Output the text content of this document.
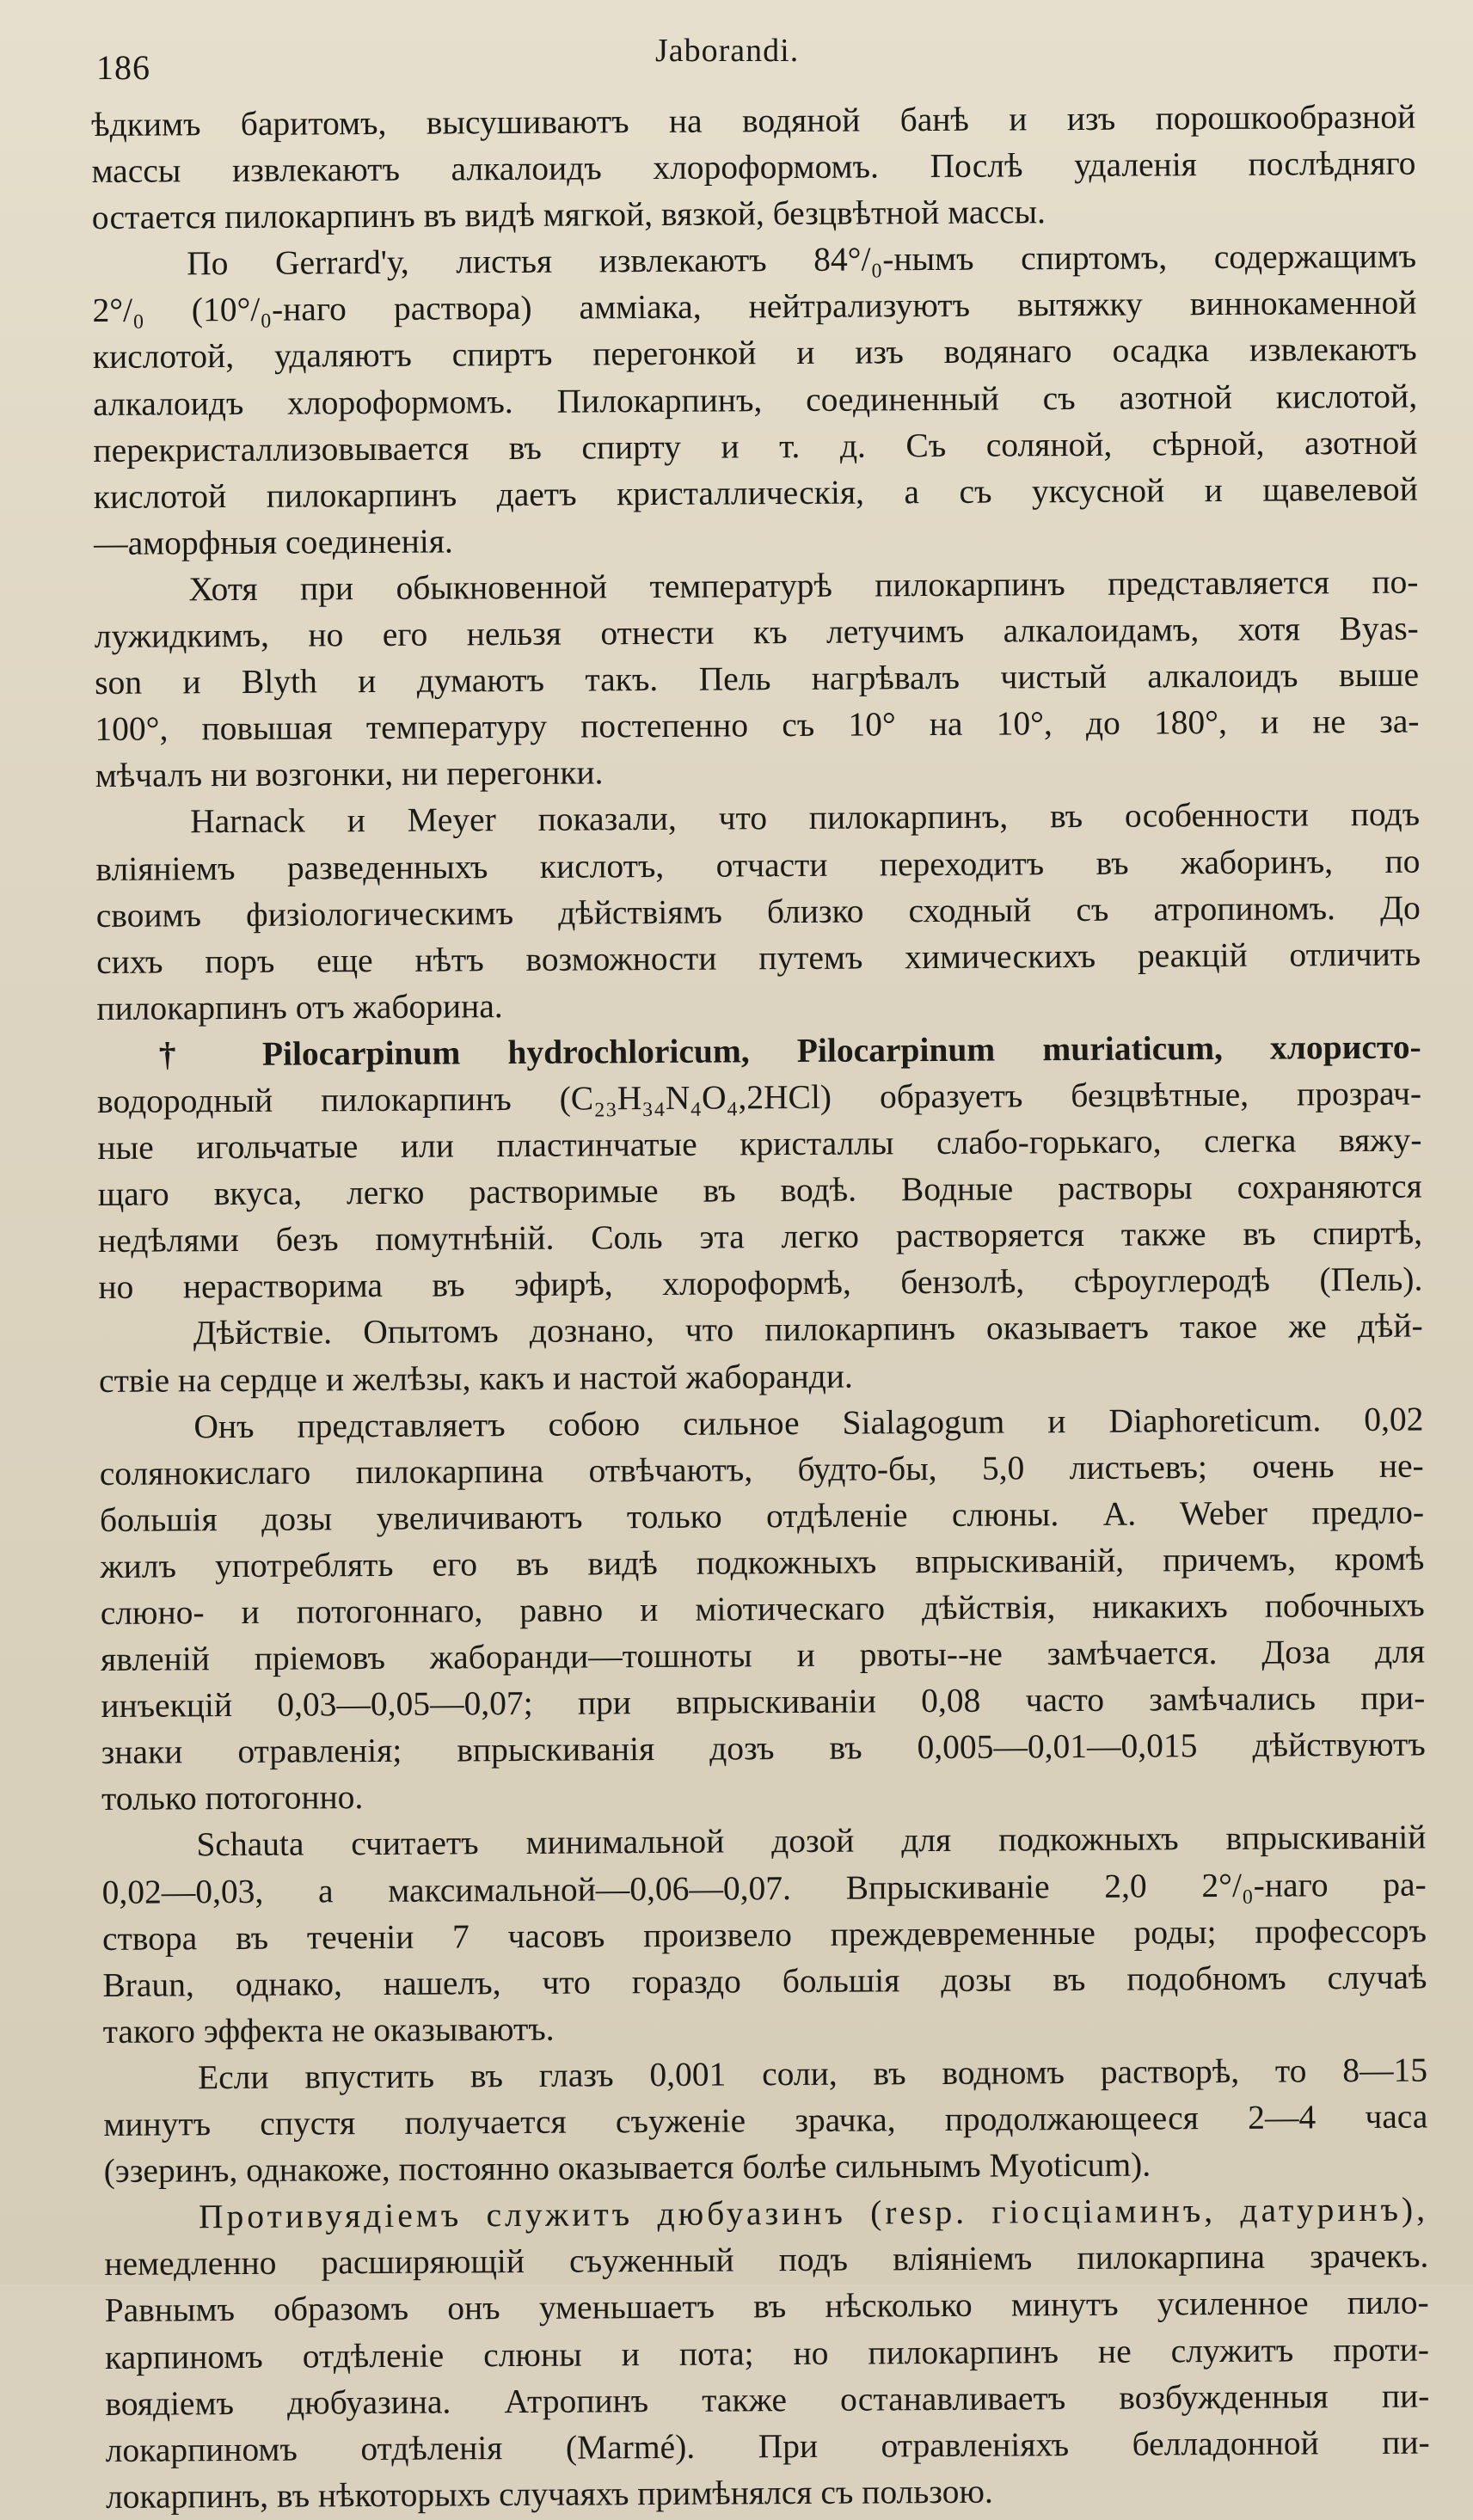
186	Jaborandi.
ѣдкимъ баритомъ, высушиваютъ на водяной банѣ и изъ порошкообразной
массы извлекаютъ алкалоидъ хлороформомъ. Послѣ удаленія послѣдняго
остается пилокарпинъ въ видѣ мягкой, вязкой, безцвѣтной массы.
По Gerrard'у, листья извлекаютъ 84°/₀-нымъ спиртомъ, содержащимъ
2°/₀ (10°/₀-наго раствора) амміака, нейтрализуютъ вытяжку виннокаменной
кислотой, удаляютъ спиртъ перегонкой и изъ водянаго осадка извлекаютъ
алкалоидъ хлороформомъ. Пилокарпинъ, соединенный съ азотной кислотой,
перекристаллизовывается въ спирту и т. д. Съ соляной, сѣрной, азотной
кислотой пилокарпинъ даетъ кристаллическія, а съ уксусной и щавелевой
—аморфныя соединенія.
Хотя при обыкновенной температурѣ пилокарпинъ представляется по-
лужидкимъ, но его нельзя отнести къ летучимъ алкалоидамъ, хотя Byas-
son и Blyth и думаютъ такъ. Пель нагрѣвалъ чистый алкалоидъ выше
100°, повышая температуру постепенно съ 10° на 10°, до 180°, и не за-
мѣчалъ ни возгонки, ни перегонки.
Harnack и Meyer показали, что пилокарпинъ, въ особенности подъ
вліяніемъ разведенныхъ кислотъ, отчасти переходитъ въ жаборинъ, по
своимъ физіологическимъ дѣйствіямъ близко сходный съ атропиномъ. До
сихъ поръ еще нѣтъ возможности путемъ химическихъ реакцій отличить
пилокарпинъ отъ жаборина.
† Pilocarpinum hydrochloricum, Pilocarpinum muriaticum, хлористо-
водородный пилокарпинъ (C₂₃H₃₄N₄O₄,2HCl) образуетъ безцвѣтные, прозрач-
ные игольчатые или пластинчатые кристаллы слабо-горькаго, слегка вяжу-
щаго вкуса, легко растворимые въ водѣ. Водные растворы сохраняются
недѣлями безъ помутнѣній. Соль эта легко растворяется также въ спиртѣ,
но нерастворима въ эфирѣ, хлороформѣ, бензолѣ, сѣроуглеродѣ (Пель).
Дѣйствіе. Опытомъ дознано, что пилокарпинъ оказываетъ такое же дѣй-
ствіе на сердце и желѣзы, какъ и настой жаборанди.
Онъ представляетъ собою сильное Sialagogum и Diaphoreticum. 0,02
солянокислаго пилокарпина отвѣчаютъ, будто-бы, 5,0 листьевъ; очень не-
большія дозы увеличиваютъ только отдѣленіе слюны. A. Weber предло-
жилъ употреблять его въ видѣ подкожныхъ впрыскиваній, причемъ, кромѣ
слюно- и потогоннаго, равно и міотическаго дѣйствія, никакихъ побочныхъ
явленій пріемовъ жаборанди—тошноты и рвоты--не замѣчается. Доза для
инъекцій 0,03—0,05—0,07; при впрыскиваніи 0,08 часто замѣчались при-
знаки отравленія; впрыскиванія дозъ въ 0,005—0,01—0,015 дѣйствуютъ
только потогонно.
Schauta считаетъ минимальной дозой для подкожныхъ впрыскиваній
0,02—0,03, а максимальной—0,06—0,07. Впрыскиваніе 2,0 2°/₀-наго ра-
створа въ теченіи 7 часовъ произвело преждевременные роды; профессоръ
Braun, однако, нашелъ, что гораздо большія дозы въ подобномъ случаѣ
такого эффекта не оказываютъ.
Если впустить въ глазъ 0,001 соли, въ водномъ растворѣ, то 8—15
минутъ спустя получается съуженіе зрачка, продолжающееся 2—4 часа
(эзеринъ, однакоже, постоянно оказывается болѣе сильнымъ Myoticum).
Противуядіемъ служитъ дюбуазинъ (resp. гіосціаминъ, датуринъ),
немедленно расширяющій съуженный подъ вліяніемъ пилокарпина зрачекъ.
Равнымъ образомъ онъ уменьшаетъ въ нѣсколько минутъ усиленное пило-
карпиномъ отдѣленіе слюны и пота; но пилокарпинъ не служитъ проти-
воядіемъ дюбуазина. Атропинъ также останавливаетъ возбужденныя пи-
локарпиномъ отдѣленія (Marmé). При отравленіяхъ белладонной пи-
локарпинъ, въ нѣкоторыхъ случаяхъ примѣнялся съ пользою.
